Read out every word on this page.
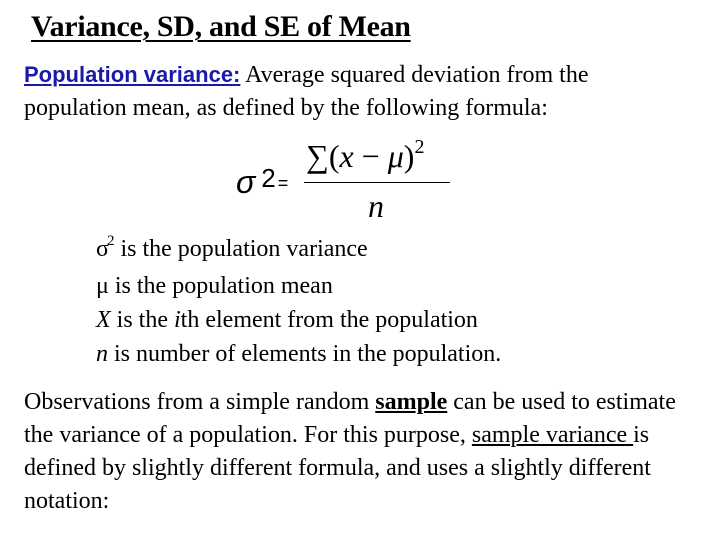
Variance, SD, and SE of Mean
Population variance: Average squared deviation from the population mean, as defined by the following formula:
σ 2 =
$\sum(x - \mu)^2$
n
$\sigma^2$ is the population variance
μ is the population mean
X is the ith element from the population
n is number of elements in the population.
Observations from a simple random sample can be used to estimate the variance of a population. For this purpose, sample variance is defined by slightly different formula, and uses a slightly different notation:
